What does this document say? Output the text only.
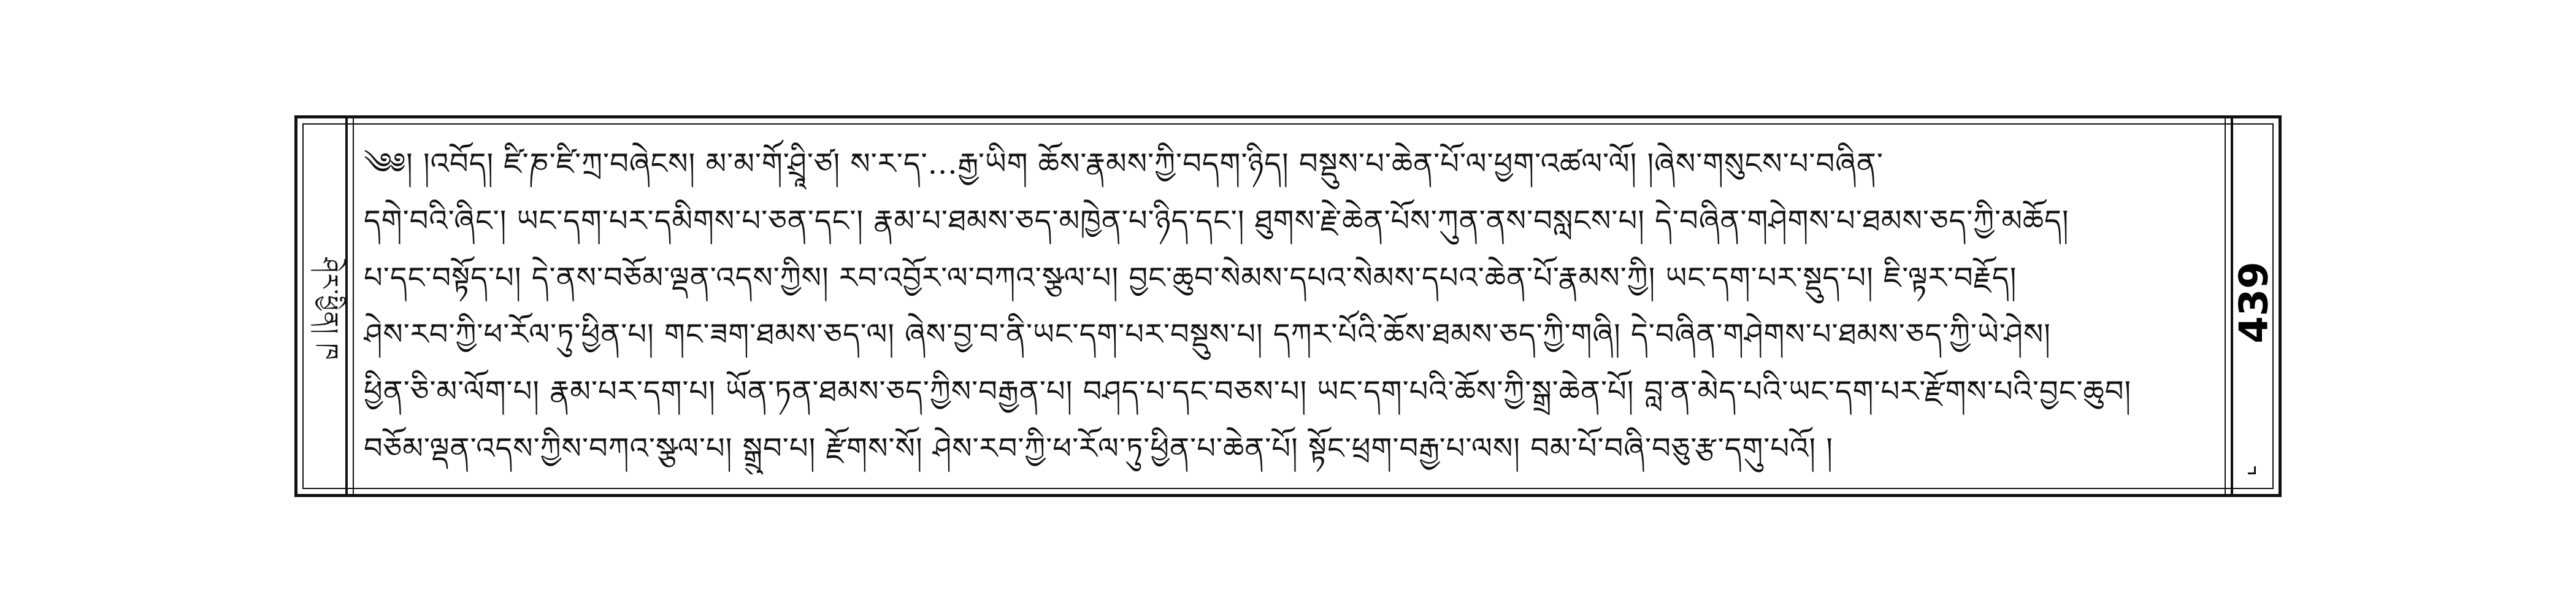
ཤེར་ཕྱིན། ཁ
༄༅། །འབོད། ཛི་ཎ་ཛི་ཀྲ་བཞེངས། མ་མ་གོ་ཤྲཱི་ཙ། ས་ར་ད་...རྒྱ་ཡིག ཆོས་རྣམས་ཀྱི་བདག་ཉིད། བསྡུས་པ་ཆེན་པོ་ལ་ཕྱག་འཚལ་ལོ། །ཞེས་གསུངས་པ་བཞིན་
དགེ་བའི་ཞིང་། ཡང་དག་པར་དམིགས་པ་ཅན་དང་། རྣམ་པ་ཐམས་ཅད་མཁྱེན་པ་ཉིད་དང་། ཐུགས་རྗེ་ཆེན་པོས་ཀུན་ནས་བསླངས་པ། དེ་བཞིན་གཤེགས་པ་ཐམས་ཅད་ཀྱི་མཆོད།
པ་དང་བསྟོད་པ། དེ་ནས་བཅོམ་ལྡན་འདས་ཀྱིས། རབ་འབྱོར་ལ་བཀའ་སྩལ་པ། བྱང་ཆུབ་སེམས་དཔའ་སེམས་དཔའ་ཆེན་པོ་རྣམས་ཀྱི། ཡང་དག་པར་སྡུད་པ། ཇི་ལྟར་བརྗོད།
ཤེས་རབ་ཀྱི་ཕ་རོལ་ཏུ་ཕྱིན་པ། གང་ཟག་ཐམས་ཅད་ལ། ཞེས་བྱ་བ་ནི་ཡང་དག་པར་བསྡུས་པ། དཀར་པོའི་ཆོས་ཐམས་ཅད་ཀྱི་གཞི། དེ་བཞིན་གཤེགས་པ་ཐམས་ཅད་ཀྱི་ཡེ་ཤེས།
ཕྱིན་ཅི་མ་ལོག་པ། རྣམ་པར་དག་པ། ཡོན་ཏན་ཐམས་ཅད་ཀྱིས་བརྒྱན་པ། བཤད་པ་དང་བཅས་པ། ཡང་དག་པའི་ཆོས་ཀྱི་སྒྲ་ཆེན་པོ། བླ་ན་མེད་པའི་ཡང་དག་པར་རྫོགས་པའི་བྱང་ཆུབ།
བཅོམ་ལྡན་འདས་ཀྱིས་བཀའ་སྩལ་པ། སྒྲུབ་པ། རྫོགས་སོ། ཤེས་རབ་ཀྱི་ཕ་རོལ་ཏུ་ཕྱིན་པ་ཆེན་པོ། སྟོང་ཕྲག་བརྒྱ་པ་ལས། བམ་པོ་བཞི་བཅུ་རྩ་དགུ་པའོ། །
439
